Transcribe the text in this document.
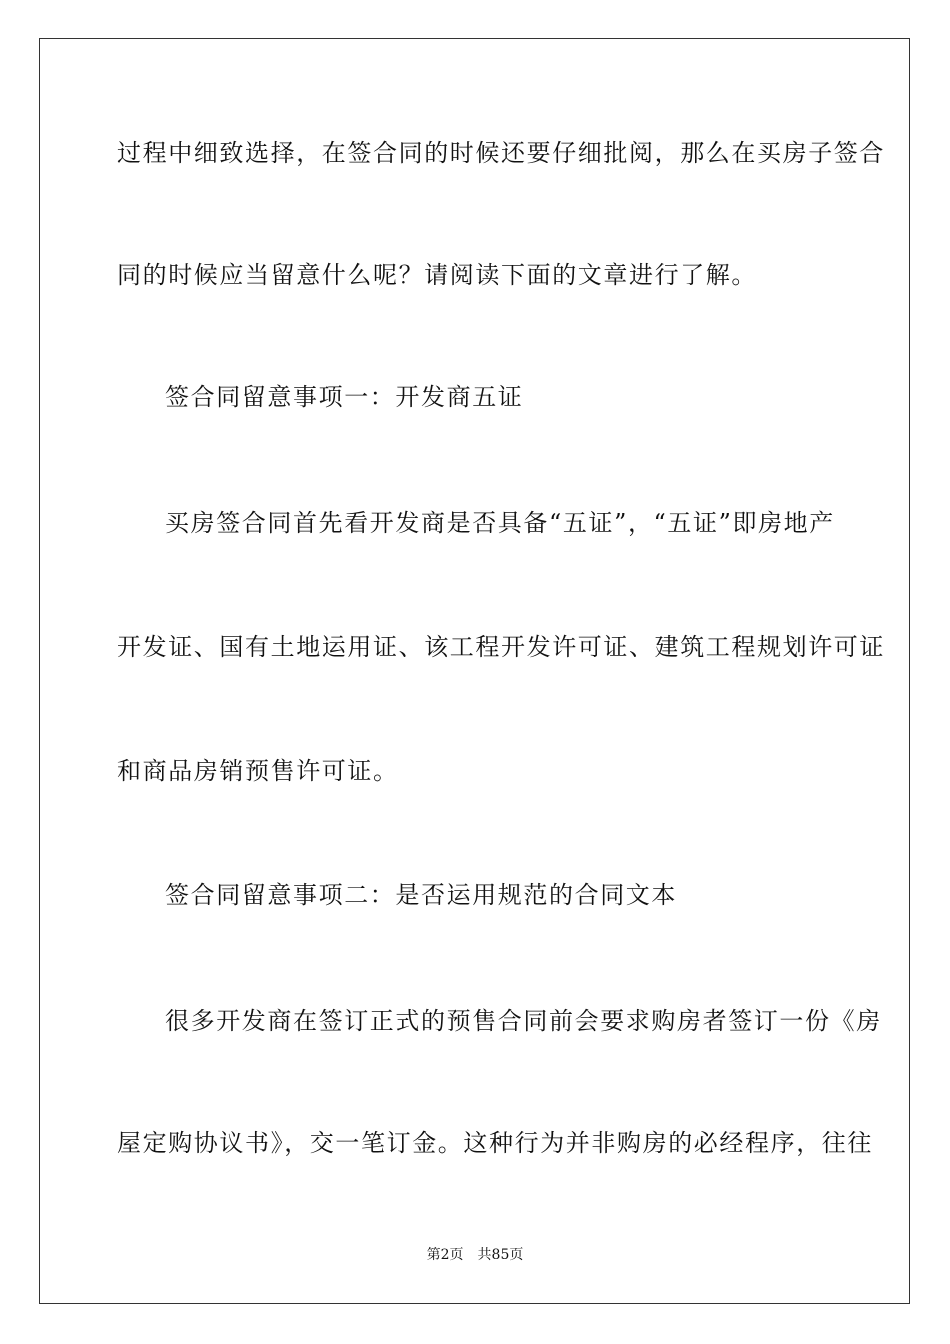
过程中细致选择，在签合同的时候还要仔细批阅，那么在买房子签合
同的时候应当留意什么呢？请阅读下面的文章进行了解。
签合同留意事项一：开发商五证
买房签合同首先看开发商是否具备“五证”，“五证”即房地产
开发证、国有土地运用证、该工程开发许可证、建筑工程规划许可证
和商品房销预售许可证。
签合同留意事项二：是否运用规范的合同文本
很多开发商在签订正式的预售合同前会要求购房者签订一份《房
屋定购协议书》，交一笔订金。这种行为并非购房的必经程序，往往
第2页 共85页
